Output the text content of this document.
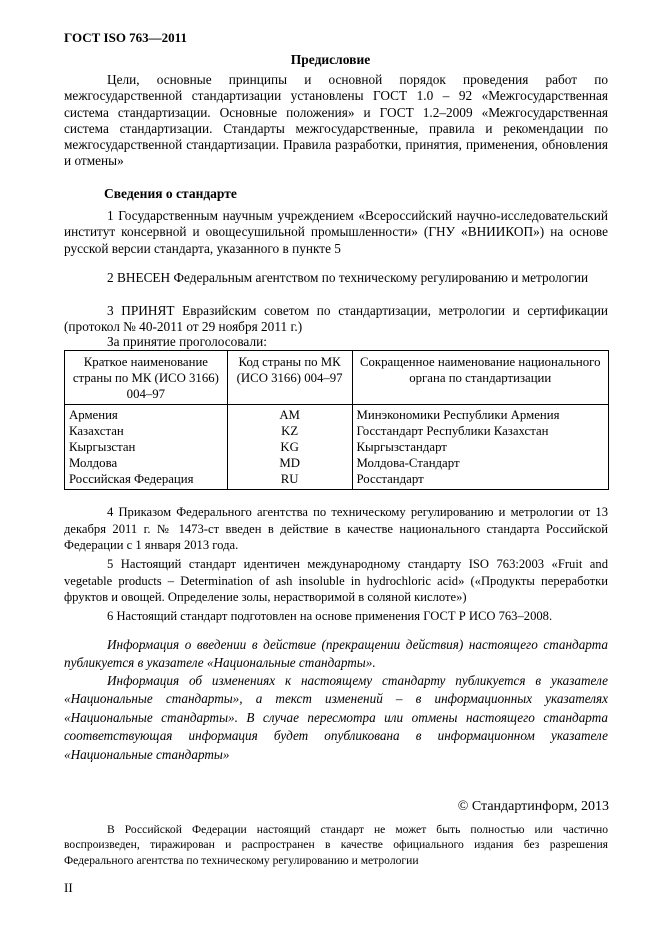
ГОСТ ISO 763—2011
Предисловие
Цели, основные принципы и основной порядок проведения работ по межгосударственной стандартизации установлены ГОСТ 1.0 – 92 «Межгосударственная система стандартизации. Основные положения» и ГОСТ 1.2–2009 «Межгосударственная система стандартизации. Стандарты межгосударственные, правила и рекомендации по межгосударственной стандартизации. Правила разработки, принятия, применения, обновления и отмены»
Сведения о стандарте
1 Государственным научным учреждением «Всероссийский научно-исследовательский институт консервной и овощесушильной промышленности» (ГНУ «ВНИИКОП») на основе русской версии стандарта, указанного в пункте 5
2 ВНЕСЕН Федеральным агентством по техническому регулированию и метрологии
3 ПРИНЯТ Евразийским советом по стандартизации, метрологии и сертификации (протокол № 40-2011 от 29 ноября 2011 г.)
За принятие проголосовали:
Краткое наименование страны по МК (ИСО 3166) 004–97	Код страны по МК (ИСО 3166) 004–97	Сокращенное наименование национального органа по стандартизации
Армения	AM	Минэкономики Республики Армения
Казахстан	KZ	Госстандарт Республики Казахстан
Кыргызстан	KG	Кыргызстандарт
Молдова	MD	Молдова-Стандарт
Российская Федерация	RU	Росстандарт
4 Приказом Федерального агентства по техническому регулированию и метрологии от 13 декабря 2011 г. № 1473-ст введен в действие в качестве национального стандарта Российской Федерации с 1 января 2013 года.
5 Настоящий стандарт идентичен международному стандарту ISO 763:2003 «Fruit and vegetable products – Determination of ash insoluble in hydrochloric acid» («Продукты переработки фруктов и овощей. Определение золы, нерастворимой в соляной кислоте»)
6 Настоящий стандарт подготовлен на основе применения ГОСТ Р ИСО 763–2008.
Информация о введении в действие (прекращении действия) настоящего стандарта публикуется в указателе «Национальные стандарты».
Информация об изменениях к настоящему стандарту публикуется в указателе «Национальные стандарты», а текст изменений – в информационных указателях «Национальные стандарты». В случае пересмотра или отмены настоящего стандарта соответствующая информация будет опубликована в информационном указателе «Национальные стандарты»
© Стандартинформ, 2013
В Российской Федерации настоящий стандарт не может быть полностью или частично воспроизведен, тиражирован и распространен в качестве официального издания без разрешения Федерального агентства по техническому регулированию и метрологии
II
